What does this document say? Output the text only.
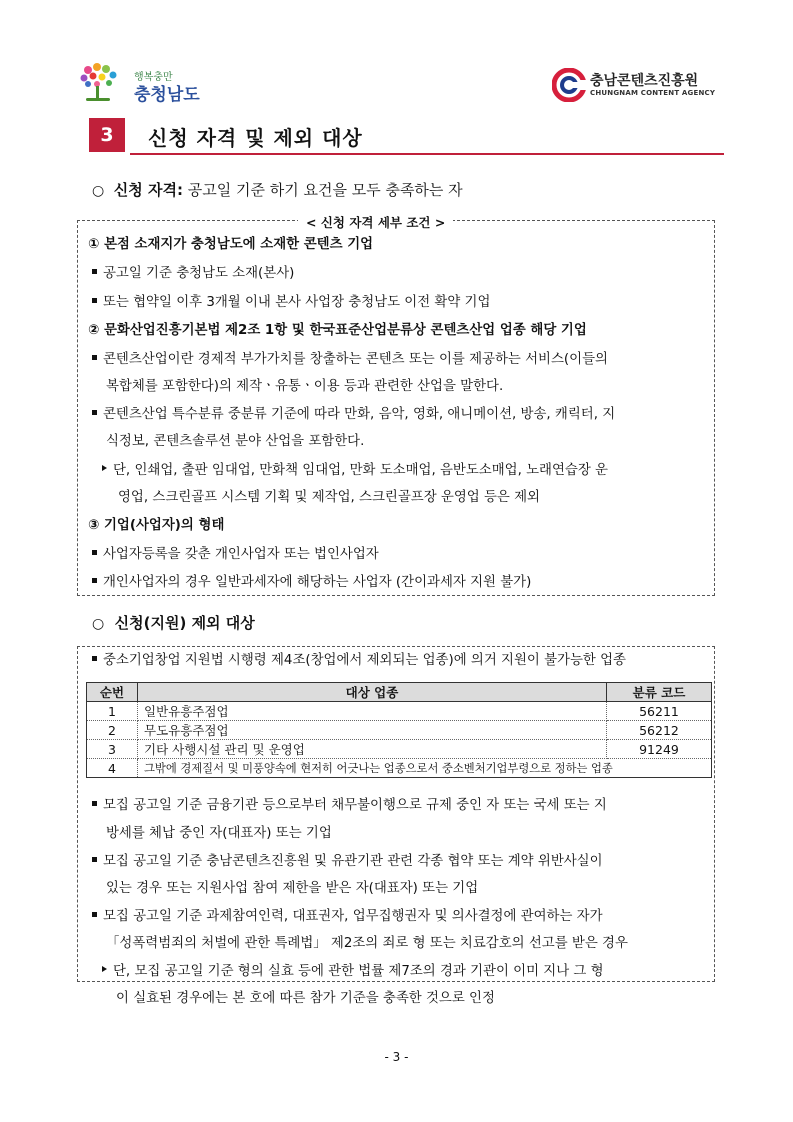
행복충만
충청남도
충남콘텐츠진흥원
CHUNGNAM CONTENT AGENCY
3	신청 자격 및 제외 대상
○ 신청 자격: 공고일 기준 하기 요건을 모두 충족하는 자
< 신청 자격 세부 조건 >
① 본점 소재지가 충청남도에 소재한 콘텐츠 기업
공고일 기준 충청남도 소재(본사)
또는 협약일 이후 3개월 이내 본사 사업장 충청남도 이전 확약 기업
② 문화산업진흥기본법 제2조 1항 및 한국표준산업분류상 콘텐츠산업 업종 해당 기업
콘텐츠산업이란 경제적 부가가치를 창출하는 콘텐츠 또는 이를 제공하는 서비스(이들의
복합체를 포함한다)의 제작ㆍ유통ㆍ이용 등과 관련한 산업을 말한다.
콘텐츠산업 특수분류 중분류 기준에 따라 만화, 음악, 영화, 애니메이션, 방송, 캐릭터, 지
식정보, 콘텐츠솔루션 분야 산업을 포함한다.
단, 인쇄업, 출판 임대업, 만화책 임대업, 만화 도소매업, 음반도소매업, 노래연습장 운
영업, 스크린골프 시스템 기획 및 제작업, 스크린골프장 운영업 등은 제외
③ 기업(사업자)의 형태
사업자등록을 갖춘 개인사업자 또는 법인사업자
개인사업자의 경우 일반과세자에 해당하는 사업자 (간이과세자 지원 불가)
○ 신청(지원) 제외 대상
중소기업창업 지원법 시행령 제4조(창업에서 제외되는 업종)에 의거 지원이 불가능한 업종
순번	대상 업종	분류 코드
1	일반유흥주점업	56211
2	무도유흥주점업	56212
3	기타 사행시설 관리 및 운영업	91249
4	그밖에 경제질서 및 미풍양속에 현저히 어긋나는 업종으로서 중소벤처기업부령으로 정하는 업종	
모집 공고일 기준 금융기관 등으로부터 채무불이행으로 규제 중인 자 또는 국세 또는 지
방세를 체납 중인 자(대표자) 또는 기업
모집 공고일 기준 충남콘텐츠진흥원 및 유관기관 관련 각종 협약 또는 계약 위반사실이
있는 경우 또는 지원사업 참여 제한을 받은 자(대표자) 또는 기업
모집 공고일 기준 과제참여인력, 대표권자, 업무집행권자 및 의사결정에 관여하는 자가
「성폭력범죄의 처벌에 관한 특례법」 제2조의 죄로 형 또는 치료감호의 선고를 받은 경우
단, 모집 공고일 기준 형의 실효 등에 관한 법률 제7조의 경과 기관이 이미 지나 그 형
이 실효된 경우에는 본 호에 따른 참가 기준을 충족한 것으로 인정
- 3 -
